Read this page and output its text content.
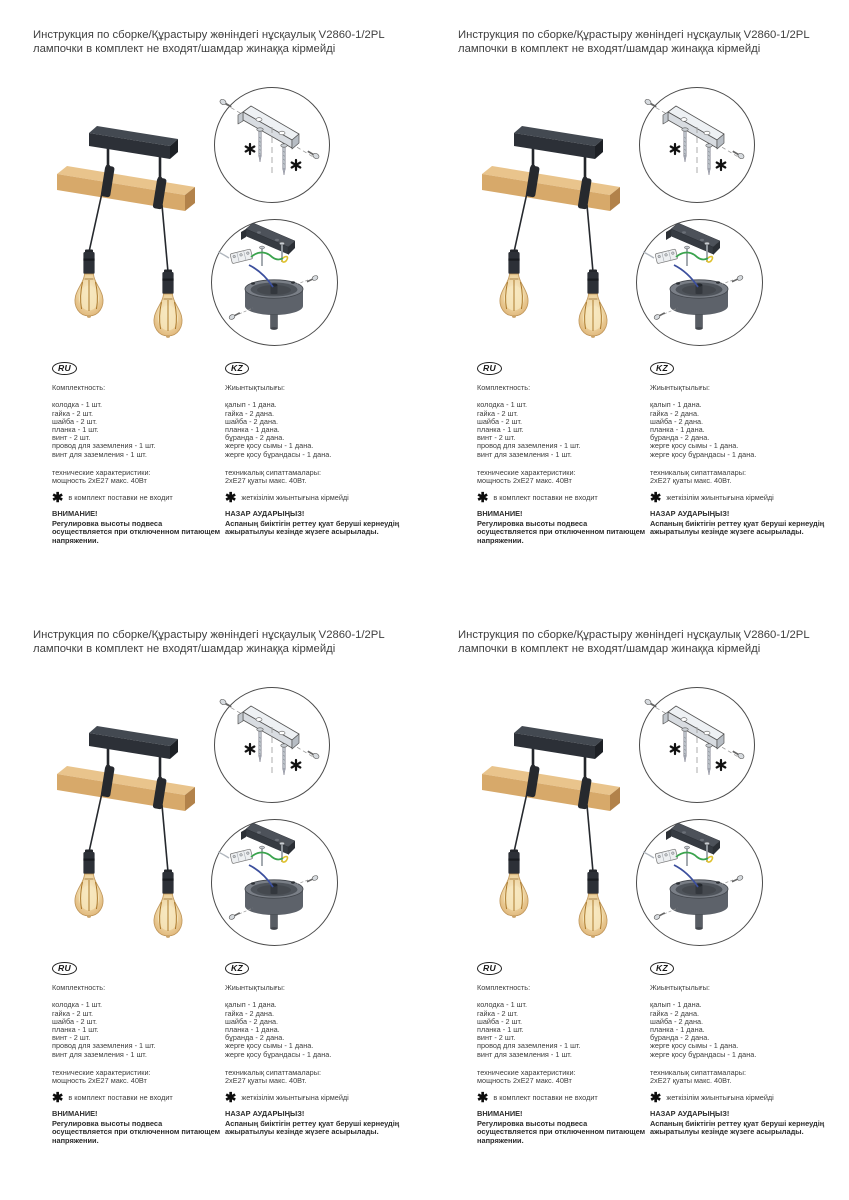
Инструкция по сборке/Құрастыру жөніндегі нұсқаулық V2860-1/2PL
лампочки в комплект не входят/шамдар жинаққа кірмейді
RU
Комплектность:
колодка - 1 шт.
гайка - 2 шт.
шайба - 2 шт.
планка - 1 шт.
винт - 2 шт.
провод для заземления - 1 шт.
винт для заземления - 1 шт.
технические характеристики:
мощность 2хЕ27 макс. 40Вт
✱ в комплект поставки не входит
ВНИМАНИЕ!
Регулировка высоты подвеса осуществляется при отключенном питающем напряжении.
KZ
Жиынтықтылығы:
қалып - 1 дана.
гайка - 2 дана.
шайба - 2 дана.
планка - 1 дана.
бұранда - 2 дана.
жерге қосу сымы - 1 дана.
жерге қосу бұрандасы - 1 дана.
техникалық сипаттамалары:
2хЕ27 қуаты макс. 40Вт.
✱ жеткізілім жиынтығына кірмейді
НАЗАР АУДАРЫҢЫЗ!
Аспаның биіктігін реттеу қуат беруші кернеудің ажыратылуы кезінде жүзеге асырылады.
Инструкция по сборке/Құрастыру жөніндегі нұсқаулық V2860-1/2PL
лампочки в комплект не входят/шамдар жинаққа кірмейді
RU
Комплектность:
колодка - 1 шт.
гайка - 2 шт.
шайба - 2 шт.
планка - 1 шт.
винт - 2 шт.
провод для заземления - 1 шт.
винт для заземления - 1 шт.
технические характеристики:
мощность 2хЕ27 макс. 40Вт
✱ в комплект поставки не входит
ВНИМАНИЕ!
Регулировка высоты подвеса осуществляется при отключенном питающем напряжении.
KZ
Жиынтықтылығы:
қалып - 1 дана.
гайка - 2 дана.
шайба - 2 дана.
планка - 1 дана.
бұранда - 2 дана.
жерге қосу сымы - 1 дана.
жерге қосу бұрандасы - 1 дана.
техникалық сипаттамалары:
2хЕ27 қуаты макс. 40Вт.
✱ жеткізілім жиынтығына кірмейді
НАЗАР АУДАРЫҢЫЗ!
Аспаның биіктігін реттеу қуат беруші кернеудің ажыратылуы кезінде жүзеге асырылады.
Инструкция по сборке/Құрастыру жөніндегі нұсқаулық V2860-1/2PL
лампочки в комплект не входят/шамдар жинаққа кірмейді
RU
Комплектность:
колодка - 1 шт.
гайка - 2 шт.
шайба - 2 шт.
планка - 1 шт.
винт - 2 шт.
провод для заземления - 1 шт.
винт для заземления - 1 шт.
технические характеристики:
мощность 2хЕ27 макс. 40Вт
✱ в комплект поставки не входит
ВНИМАНИЕ!
Регулировка высоты подвеса осуществляется при отключенном питающем напряжении.
KZ
Жиынтықтылығы:
қалып - 1 дана.
гайка - 2 дана.
шайба - 2 дана.
планка - 1 дана.
бұранда - 2 дана.
жерге қосу сымы - 1 дана.
жерге қосу бұрандасы - 1 дана.
техникалық сипаттамалары:
2хЕ27 қуаты макс. 40Вт.
✱ жеткізілім жиынтығына кірмейді
НАЗАР АУДАРЫҢЫЗ!
Аспаның биіктігін реттеу қуат беруші кернеудің ажыратылуы кезінде жүзеге асырылады.
Инструкция по сборке/Құрастыру жөніндегі нұсқаулық V2860-1/2PL
лампочки в комплект не входят/шамдар жинаққа кірмейді
RU
Комплектность:
колодка - 1 шт.
гайка - 2 шт.
шайба - 2 шт.
планка - 1 шт.
винт - 2 шт.
провод для заземления - 1 шт.
винт для заземления - 1 шт.
технические характеристики:
мощность 2хЕ27 макс. 40Вт
✱ в комплект поставки не входит
ВНИМАНИЕ!
Регулировка высоты подвеса осуществляется при отключенном питающем напряжении.
KZ
Жиынтықтылығы:
қалып - 1 дана.
гайка - 2 дана.
шайба - 2 дана.
планка - 1 дана.
бұранда - 2 дана.
жерге қосу сымы - 1 дана.
жерге қосу бұрандасы - 1 дана.
техникалық сипаттамалары:
2хЕ27 қуаты макс. 40Вт.
✱ жеткізілім жиынтығына кірмейді
НАЗАР АУДАРЫҢЫЗ!
Аспаның биіктігін реттеу қуат беруші кернеудің ажыратылуы кезінде жүзеге асырылады.
